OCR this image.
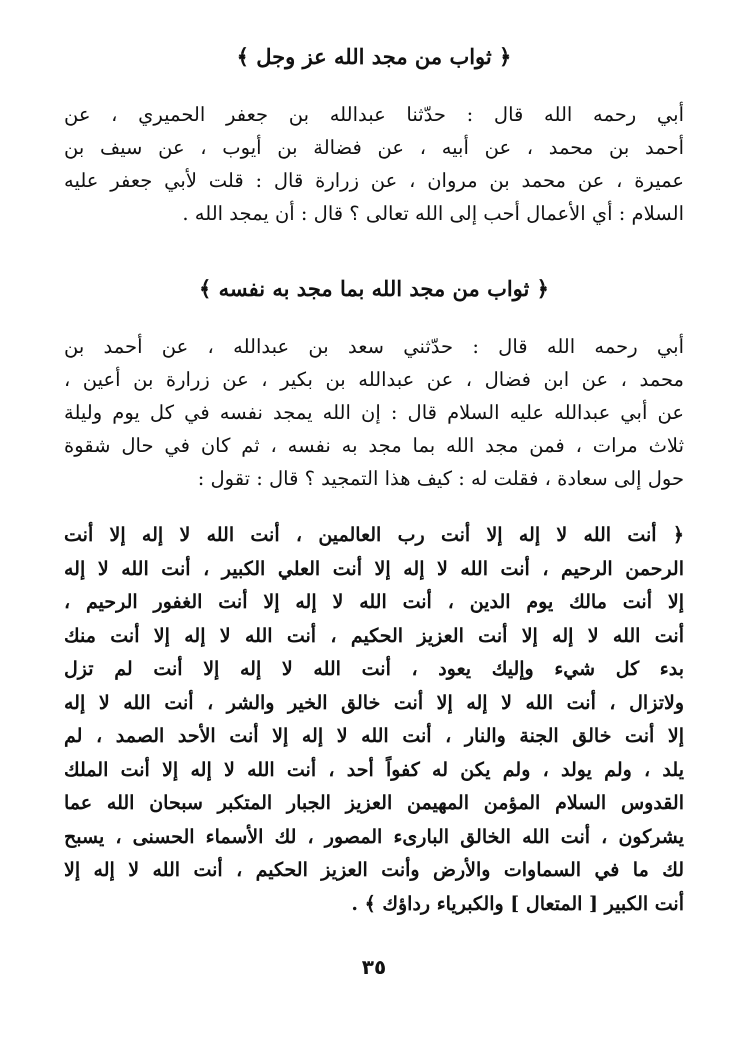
﴿ ثواب من مجد الله عز وجل ﴾

أبي رحمه الله قال : حدّثنا عبدالله بن جعفر الحميري ، عن
أحمد بن محمد ، عن أبيه ، عن فضالة بن أيوب ، عن سيف بن
عميرة ، عن محمد بن مروان ، عن زرارة قال : قلت لأبي جعفر عليه
السلام : أي الأعمال أحب إلى الله تعالى ؟ قال : أن يمجد الله .

﴿ ثواب من مجد الله بما مجد به نفسه ﴾

أبي رحمه الله قال : حدّثني سعد بن عبدالله ، عن أحمد بن
محمد ، عن ابن فضال ، عن عبدالله بن بكير ، عن زرارة بن أعين ،
عن أبي عبدالله عليه السلام قال : إن الله يمجد نفسه في كل يوم وليلة
ثلاث مرات ، فمن مجد الله بما مجد به نفسه ، ثم كان في حال شقوة
حول إلى سعادة ، فقلت له : كيف هذا التمجيد ؟ قال : تقول :

﴿ أنت الله لا إله إلا أنت رب العالمين ، أنت الله لا إله إلا أنت
الرحمن الرحيم ، أنت الله لا إله إلا أنت العلي الكبير ، أنت الله لا إله
إلا أنت مالك يوم الدين ، أنت الله لا إله إلا أنت الغفور الرحيم ،
أنت الله لا إله إلا أنت العزيز الحكيم ، أنت الله لا إله إلا أنت منك
بدء كل شيء وإليك يعود ، أنت الله لا إله إلا أنت لم تزل
ولاتزال ، أنت الله لا إله إلا أنت خالق الخير والشر ، أنت الله لا إله
إلا أنت خالق الجنة والنار ، أنت الله لا إله إلا أنت الأحد الصمد ، لم
يلد ، ولم يولد ، ولم يكن له كفواً أحد ، أنت الله لا إله إلا أنت الملك
القدوس السلام المؤمن المهيمن العزيز الجبار المتكبر سبحان الله عما
يشركون ، أنت الله الخالق البارىء المصور ، لك الأسماء الحسنى ، يسبح
لك ما في السماوات والأرض وأنت العزيز الحكيم ، أنت الله لا إله إلا
أنت الكبير [ المتعال ] والكبرياء رداؤك ﴾ .

٣٥
